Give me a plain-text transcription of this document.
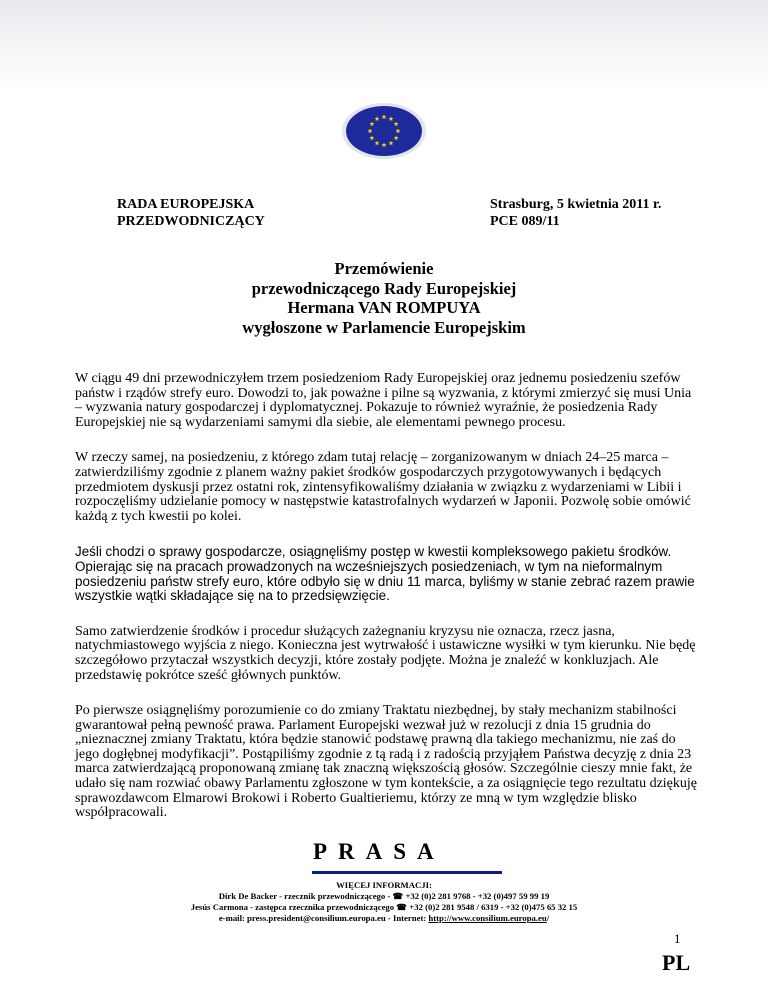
RADA EUROPEJSKA
PRZEDWODNICZĄCY
Strasburg, 5 kwietnia 2011 r.
PCE 089/11
Przemówienie
przewodniczącego Rady Europejskiej
Hermana VAN ROMPUYA
wygłoszone w Parlamencie Europejskim

W ciągu 49 dni przewodniczyłem trzem posiedzeniom Rady Europejskiej oraz jednemu posiedzeniu szefów państw i rządów strefy euro. Dowodzi to, jak poważne i pilne są wyzwania, z którymi zmierzyć się musi Unia – wyzwania natury gospodarczej i dyplomatycznej. Pokazuje to również wyraźnie, że posiedzenia Rady Europejskiej nie są wydarzeniami samymi dla siebie, ale elementami pewnego procesu.

W rzeczy samej, na posiedzeniu, z którego zdam tutaj relację – zorganizowanym w dniach 24–25 marca – zatwierdziliśmy zgodnie z planem ważny pakiet środków gospodarczych przygotowywanych i będących przedmiotem dyskusji przez ostatni rok, zintensyfikowaliśmy działania w związku z wydarzeniami w Libii i rozpoczęliśmy udzielanie pomocy w następstwie katastrofalnych wydarzeń w Japonii. Pozwolę sobie omówić każdą z tych kwestii po kolei.

Jeśli chodzi o sprawy gospodarcze, osiągnęliśmy postęp w kwestii kompleksowego pakietu środków. Opierając się na pracach prowadzonych na wcześniejszych posiedzeniach, w tym na nieformalnym posiedzeniu państw strefy euro, które odbyło się w dniu 11 marca, byliśmy w stanie zebrać razem prawie wszystkie wątki składające się na to przedsięwzięcie.

Samo zatwierdzenie środków i procedur służących zażegnaniu kryzysu nie oznacza, rzecz jasna, natychmiastowego wyjścia z niego. Konieczna jest wytrwałość i ustawiczne wysiłki w tym kierunku. Nie będę szczegółowo przytaczał wszystkich decyzji, które zostały podjęte. Można je znaleźć w konkluzjach. Ale przedstawię pokrótce sześć głównych punktów.

Po pierwsze osiągnęliśmy porozumienie co do zmiany Traktatu niezbędnej, by stały mechanizm stabilności gwarantował pełną pewność prawa. Parlament Europejski wezwał już w rezolucji z dnia 15 grudnia do „nieznacznej zmiany Traktatu, która będzie stanowić podstawę prawną dla takiego mechanizmu, nie zaś do jego dogłębnej modyfikacji”. Postąpiliśmy zgodnie z tą radą i z radością przyjąłem Państwa decyzję z dnia 23 marca zatwierdzającą proponowaną zmianę tak znaczną większością głosów. Szczególnie cieszy mnie fakt, że udało się nam rozwiać obawy Parlamentu zgłoszone w tym kontekście, a za osiągnięcie tego rezultatu dziękuję sprawozdawcom Elmarowi Brokowi i Roberto Gualtieriemu, którzy ze mną w tym względzie blisko współpracowali.

PRASA
WIĘCEJ INFORMACJI:
Dirk De Backer - rzecznik przewodniczącego - ☎ +32 (0)2 281 9768 - +32 (0)497 59 99 19
Jesús Carmona - zastępca rzecznika przewodniczącego ☎ +32 (0)2 281 9548 / 6319 - +32 (0)475 65 32 15
e-mail: press.president@consilium.europa.eu - Internet: http://www.consilium.europa.eu/
1
PL
